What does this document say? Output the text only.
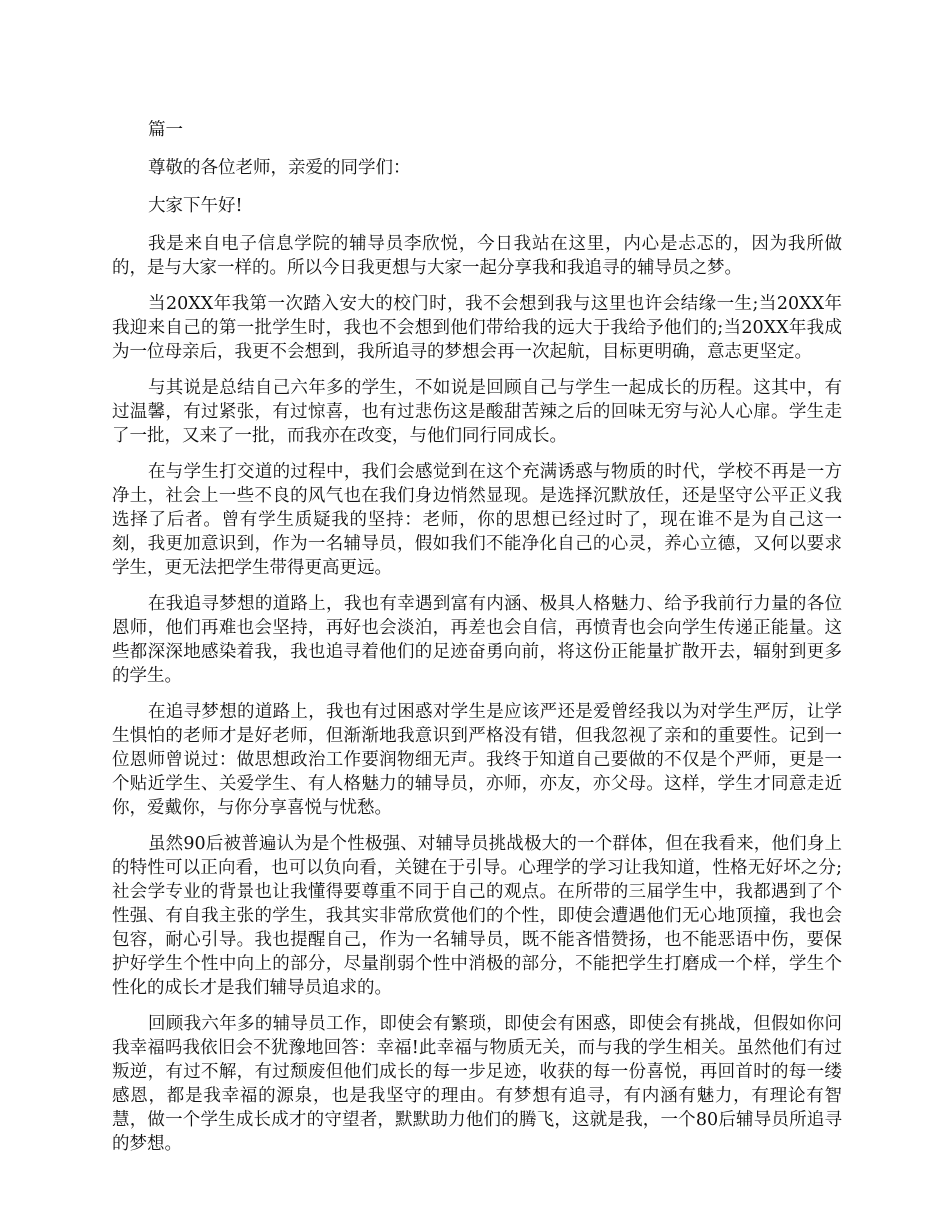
篇一

尊敬的各位老师，亲爱的同学们：

大家下午好!

我是来自电子信息学院的辅导员李欣悦，今日我站在这里，内心是忐忑的，因为我所做的，是与大家一样的。所以今日我更想与大家一起分享我和我追寻的辅导员之梦。

当20XX年我第一次踏入安大的校门时，我不会想到我与这里也许会结缘一生;当20XX年我迎来自己的第一批学生时，我也不会想到他们带给我的远大于我给予他们的;当20XX年我成为一位母亲后，我更不会想到，我所追寻的梦想会再一次起航，目标更明确，意志更坚定。

与其说是总结自己六年多的学生，不如说是回顾自己与学生一起成长的历程。这其中，有过温馨，有过紧张，有过惊喜，也有过悲伤这是酸甜苦辣之后的回味无穷与沁人心扉。学生走了一批，又来了一批，而我亦在改变，与他们同行同成长。

在与学生打交道的过程中，我们会感觉到在这个充满诱惑与物质的时代，学校不再是一方净土，社会上一些不良的风气也在我们身边悄然显现。是选择沉默放任，还是坚守公平正义我选择了后者。曾有学生质疑我的坚持：老师，你的思想已经过时了，现在谁不是为自己这一刻，我更加意识到，作为一名辅导员，假如我们不能净化自己的心灵，养心立德，又何以要求学生，更无法把学生带得更高更远。

在我追寻梦想的道路上，我也有幸遇到富有内涵、极具人格魅力、给予我前行力量的各位恩师，他们再难也会坚持，再好也会淡泊，再差也会自信，再愤青也会向学生传递正能量。这些都深深地感染着我，我也追寻着他们的足迹奋勇向前，将这份正能量扩散开去，辐射到更多的学生。

在追寻梦想的道路上，我也有过困惑对学生是应该严还是爱曾经我以为对学生严厉，让学生惧怕的老师才是好老师，但渐渐地我意识到严格没有错，但我忽视了亲和的重要性。记到一位恩师曾说过：做思想政治工作要润物细无声。我终于知道自己要做的不仅是个严师，更是一个贴近学生、关爱学生、有人格魅力的辅导员，亦师，亦友，亦父母。这样，学生才同意走近你，爱戴你，与你分享喜悦与忧愁。

虽然90后被普遍认为是个性极强、对辅导员挑战极大的一个群体，但在我看来，他们身上的特性可以正向看，也可以负向看，关键在于引导。心理学的学习让我知道，性格无好坏之分;社会学专业的背景也让我懂得要尊重不同于自己的观点。在所带的三届学生中，我都遇到了个性强、有自我主张的学生，我其实非常欣赏他们的个性，即使会遭遇他们无心地顶撞，我也会包容，耐心引导。我也提醒自己，作为一名辅导员，既不能吝惜赞扬，也不能恶语中伤，要保护好学生个性中向上的部分，尽量削弱个性中消极的部分，不能把学生打磨成一个样，学生个性化的成长才是我们辅导员追求的。

回顾我六年多的辅导员工作，即使会有繁琐，即使会有困惑，即使会有挑战，但假如你问我幸福吗我依旧会不犹豫地回答：幸福!此幸福与物质无关，而与我的学生相关。虽然他们有过叛逆，有过不解，有过颓废但他们成长的每一步足迹，收获的每一份喜悦，再回首时的每一缕感恩，都是我幸福的源泉，也是我坚守的理由。有梦想有追寻，有内涵有魅力，有理论有智慧，做一个学生成长成才的守望者，默默助力他们的腾飞，这就是我，一个80后辅导员所追寻的梦想。
